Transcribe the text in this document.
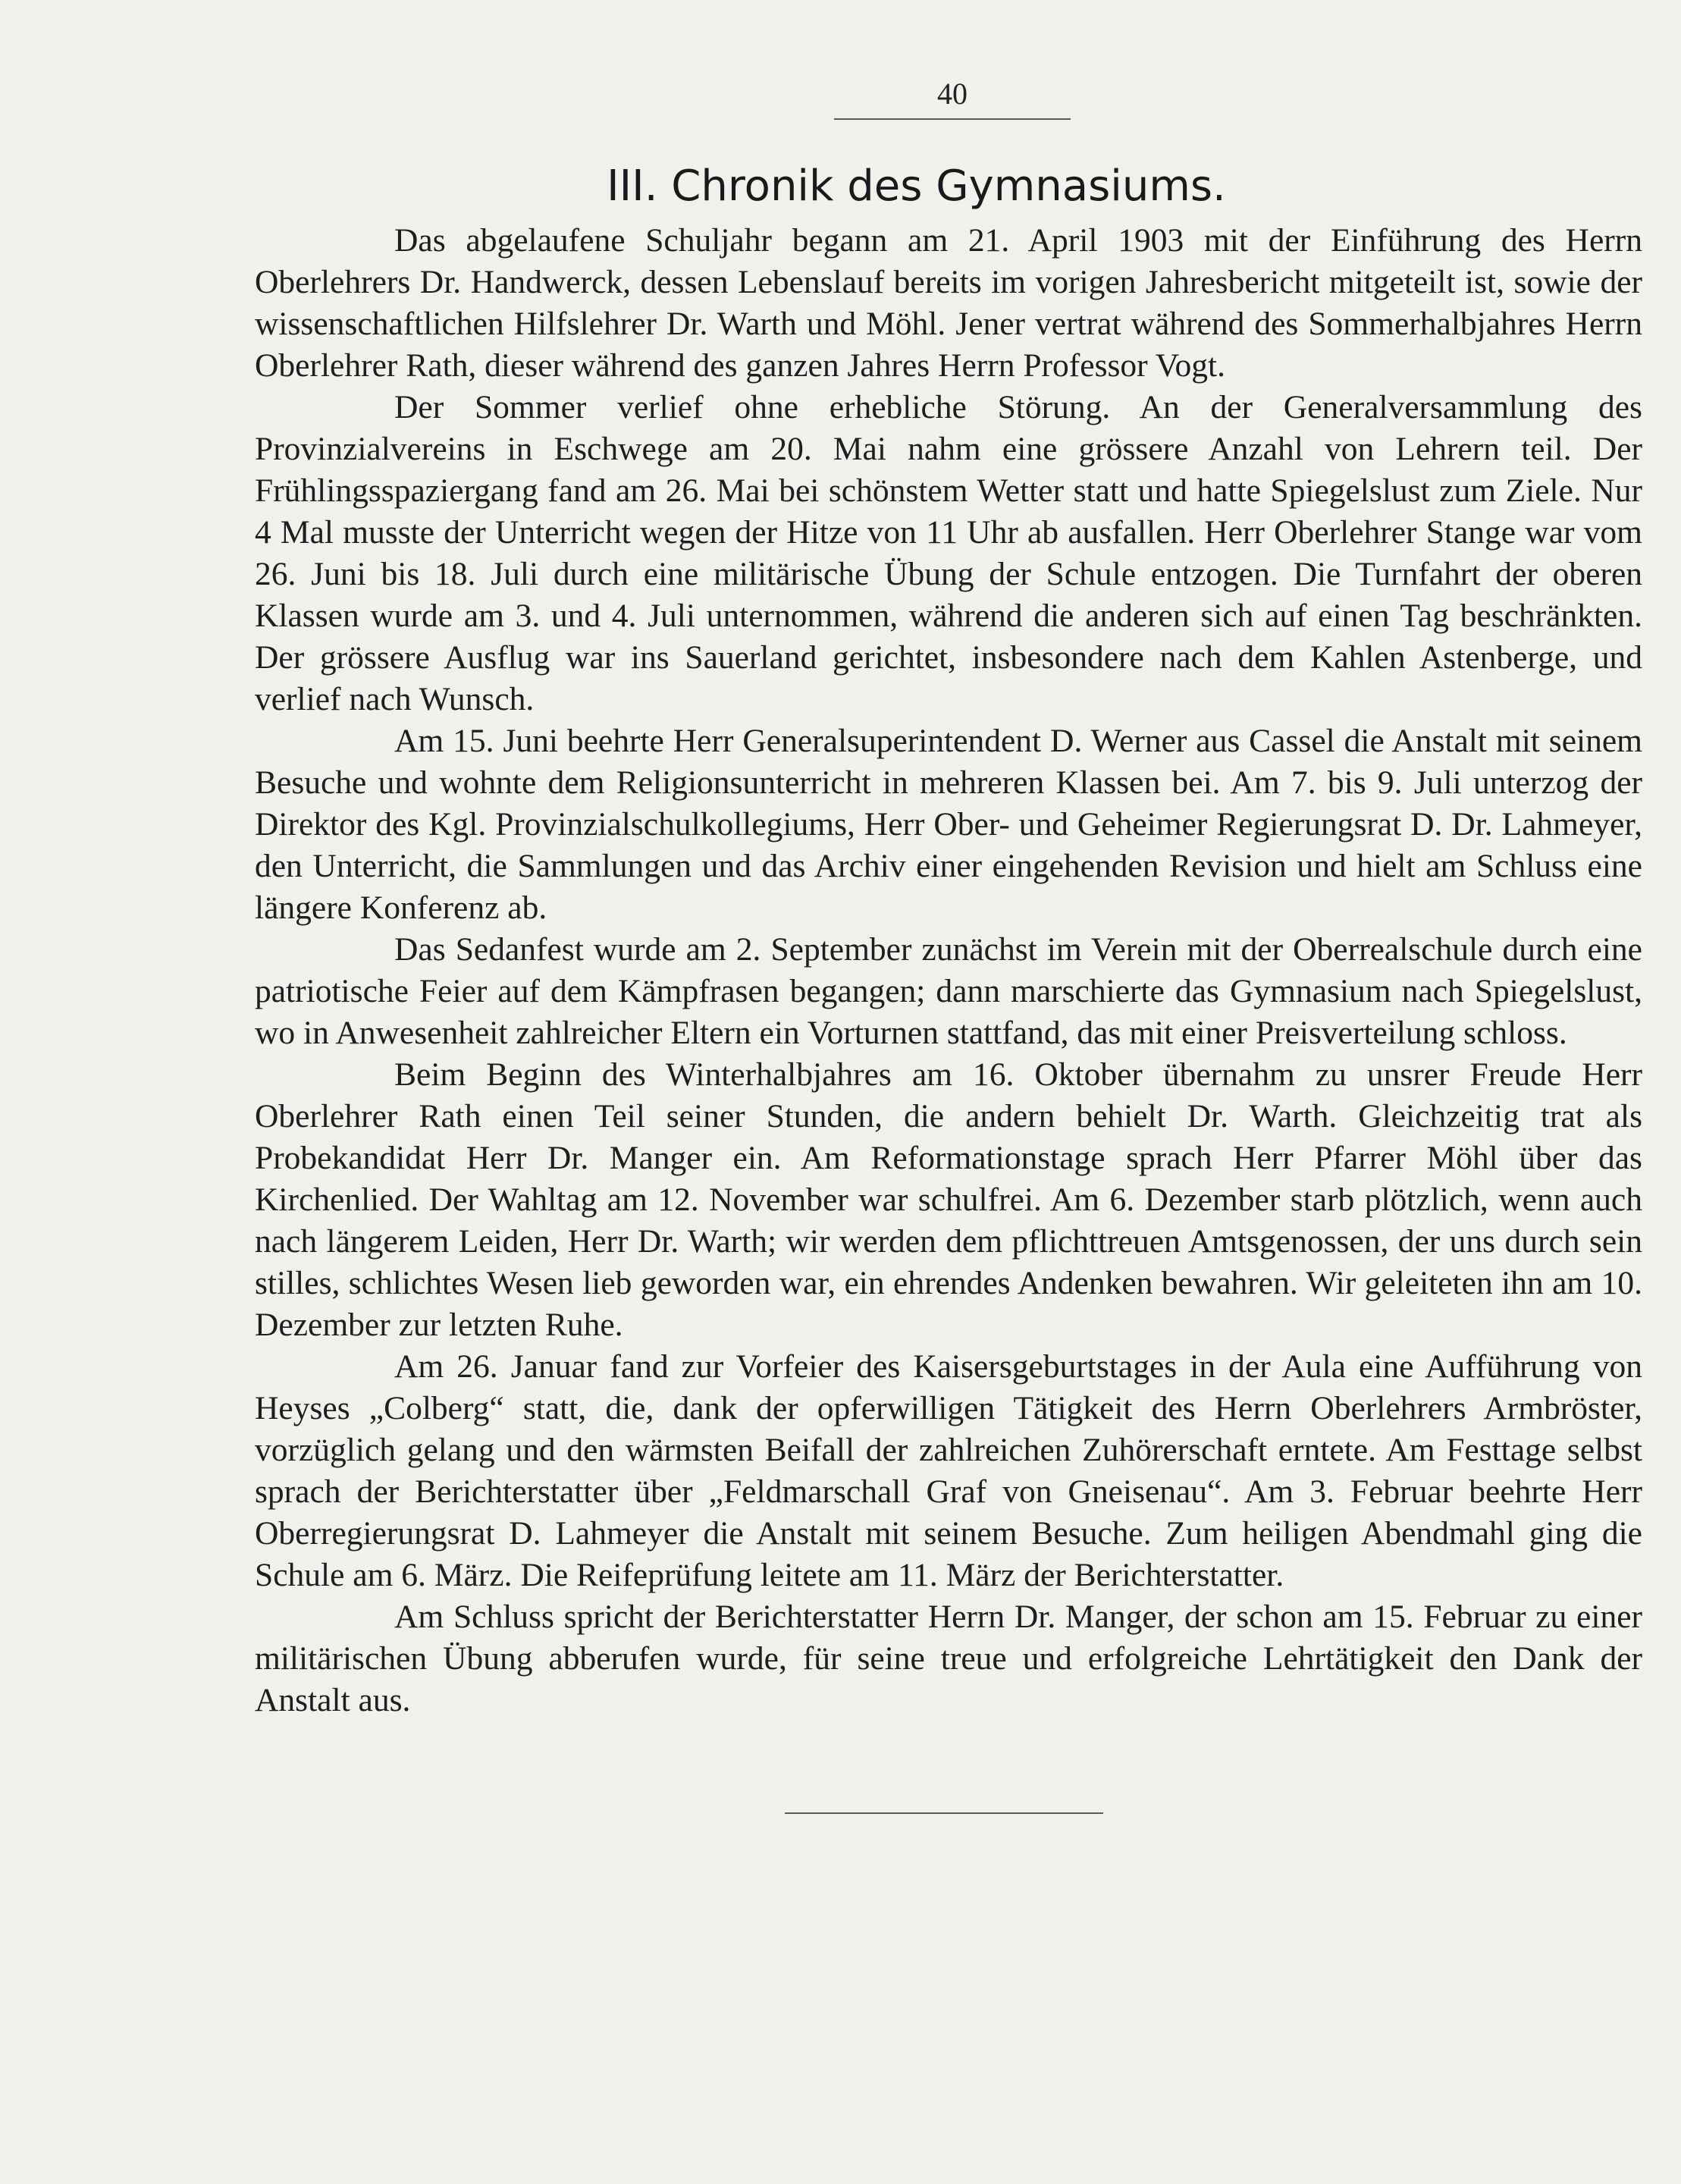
40
III. Chronik des Gymnasiums.

Das abgelaufene Schuljahr begann am 21. April 1903 mit der Einführung des Herrn Oberlehrers Dr. Handwerck, dessen Lebenslauf bereits im vorigen Jahresbericht mitgeteilt ist, sowie der wissenschaftlichen Hilfslehrer Dr. Warth und Möhl. Jener vertrat während des Sommerhalbjahres Herrn Oberlehrer Rath, dieser während des ganzen Jahres Herrn Professor Vogt.

Der Sommer verlief ohne erhebliche Störung. An der Generalversammlung des Provinzialvereins in Eschwege am 20. Mai nahm eine grössere Anzahl von Lehrern teil. Der Frühlingsspaziergang fand am 26. Mai bei schönstem Wetter statt und hatte Spiegelslust zum Ziele. Nur 4 Mal musste der Unterricht wegen der Hitze von 11 Uhr ab ausfallen. Herr Oberlehrer Stange war vom 26. Juni bis 18. Juli durch eine militärische Übung der Schule entzogen. Die Turnfahrt der oberen Klassen wurde am 3. und 4. Juli unternommen, während die anderen sich auf einen Tag beschränkten. Der grössere Ausflug war ins Sauerland gerichtet, insbesondere nach dem Kahlen Astenberge, und verlief nach Wunsch.

Am 15. Juni beehrte Herr Generalsuperintendent D. Werner aus Cassel die Anstalt mit seinem Besuche und wohnte dem Religionsunterricht in mehreren Klassen bei. Am 7. bis 9. Juli unterzog der Direktor des Kgl. Provinzialschulkollegiums, Herr Ober- und Geheimer Regierungsrat D. Dr. Lahmeyer, den Unterricht, die Sammlungen und das Archiv einer eingehenden Revision und hielt am Schluss eine längere Konferenz ab.

Das Sedanfest wurde am 2. September zunächst im Verein mit der Oberrealschule durch eine patriotische Feier auf dem Kämpfrasen begangen; dann marschierte das Gymnasium nach Spiegelslust, wo in Anwesenheit zahlreicher Eltern ein Vorturnen stattfand, das mit einer Preisverteilung schloss.

Beim Beginn des Winterhalbjahres am 16. Oktober übernahm zu unsrer Freude Herr Oberlehrer Rath einen Teil seiner Stunden, die andern behielt Dr. Warth. Gleichzeitig trat als Probekandidat Herr Dr. Manger ein. Am Reformationstage sprach Herr Pfarrer Möhl über das Kirchenlied. Der Wahltag am 12. November war schulfrei. Am 6. Dezember starb plötzlich, wenn auch nach längerem Leiden, Herr Dr. Warth; wir werden dem pflichttreuen Amtsgenossen, der uns durch sein stilles, schlichtes Wesen lieb geworden war, ein ehrendes Andenken bewahren. Wir geleiteten ihn am 10. Dezember zur letzten Ruhe.

Am 26. Januar fand zur Vorfeier des Kaisersgeburtstages in der Aula eine Aufführung von Heyses „Colberg“ statt, die, dank der opferwilligen Tätigkeit des Herrn Oberlehrers Armbröster, vorzüglich gelang und den wärmsten Beifall der zahlreichen Zuhörerschaft erntete. Am Festtage selbst sprach der Berichterstatter über „Feldmarschall Graf von Gneisenau“. Am 3. Februar beehrte Herr Oberregierungsrat D. Lahmeyer die Anstalt mit seinem Besuche. Zum heiligen Abendmahl ging die Schule am 6. März. Die Reifeprüfung leitete am 11. März der Berichterstatter.

Am Schluss spricht der Berichterstatter Herrn Dr. Manger, der schon am 15. Februar zu einer militärischen Übung abberufen wurde, für seine treue und erfolgreiche Lehrtätigkeit den Dank der Anstalt aus.
